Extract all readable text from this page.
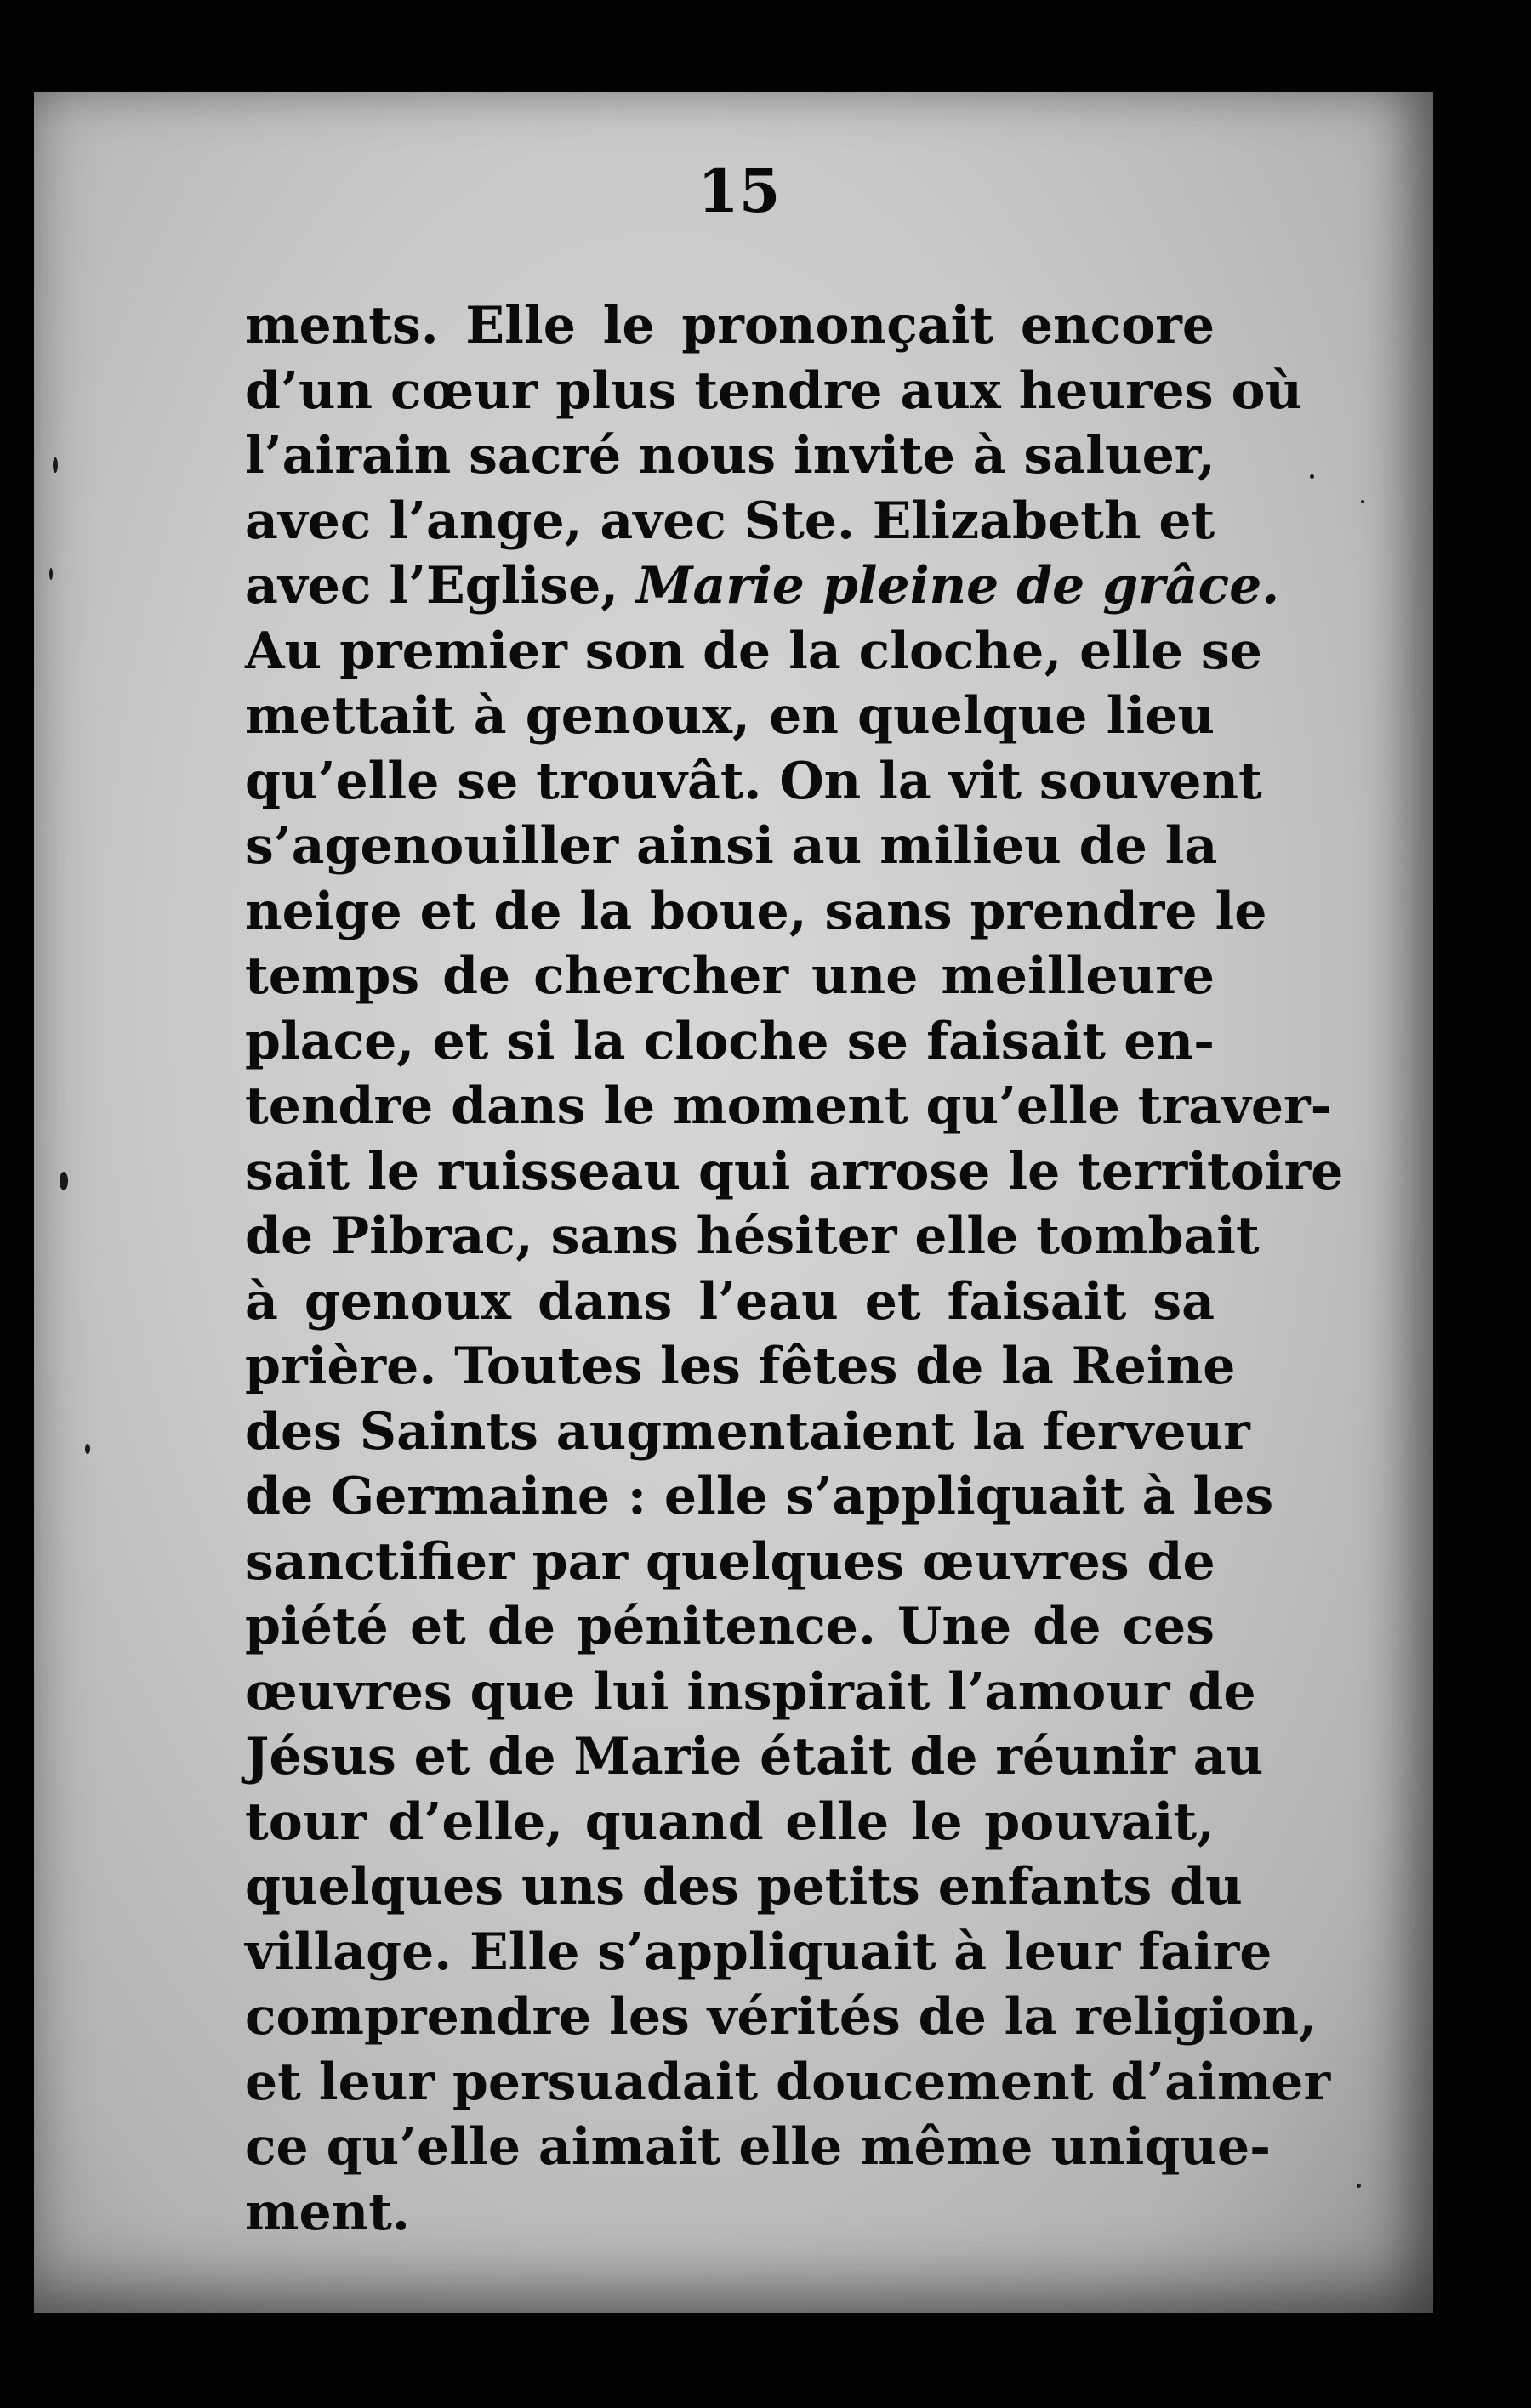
15
ments. Elle le prononçait encore
d’un cœur plus tendre aux heures où
l’airain sacré nous invite à saluer,
avec l’ange, avec Ste. Elizabeth et
avec l’Eglise, Marie pleine de grâce.
Au premier son de la cloche, elle se
mettait à genoux, en quelque lieu
qu’elle se trouvât. On la vit souvent
s’agenouiller ainsi au milieu de la
neige et de la boue, sans prendre le
temps de chercher une meilleure
place, et si la cloche se faisait en-
tendre dans le moment qu’elle traver-
sait le ruisseau qui arrose le territoire
de Pibrac, sans hésiter elle tombait
à genoux dans l’eau et faisait sa
prière. Toutes les fêtes de la Reine
des Saints augmentaient la ferveur
de Germaine : elle s’appliquait à les
sanctifier par quelques œuvres de
piété et de pénitence. Une de ces
œuvres que lui inspirait l’amour de
Jésus et de Marie était de réunir au
tour d’elle, quand elle le pouvait,
quelques uns des petits enfants du
village. Elle s’appliquait à leur faire
comprendre les vérités de la religion,
et leur persuadait doucement d’aimer
ce qu’elle aimait elle même unique-
ment.
